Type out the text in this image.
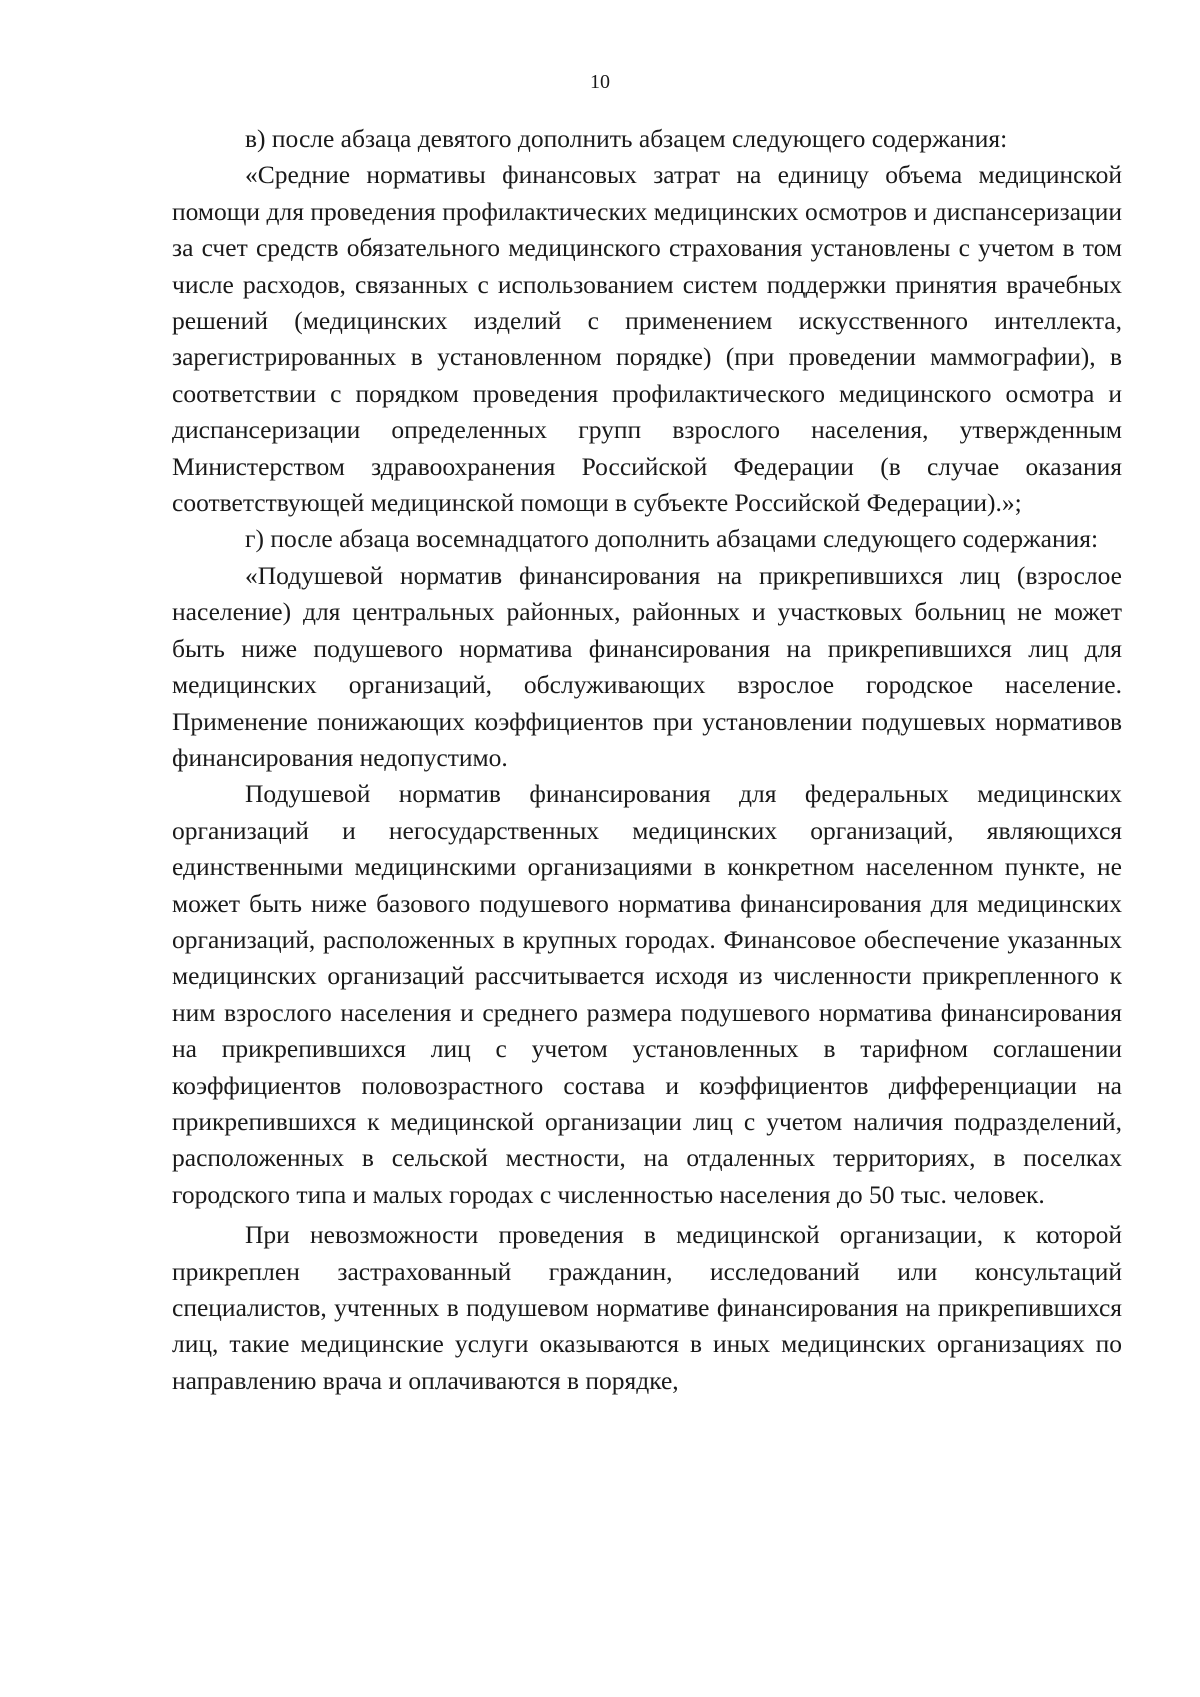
10

в) после абзаца девятого дополнить абзацем следующего содержания:

«Средние нормативы финансовых затрат на единицу объема медицинской помощи для проведения профилактических медицинских осмотров и диспансеризации за счет средств обязательного медицинского страхования установлены с учетом в том числе расходов, связанных с использованием систем поддержки принятия врачебных решений (медицинских изделий с применением искусственного интеллекта, зарегистрированных в установленном порядке) (при проведении маммографии), в соответствии с порядком проведения профилактического медицинского осмотра и диспансеризации определенных групп взрослого населения, утвержденным Министерством здравоохранения Российской Федерации (в случае оказания соответствующей медицинской помощи в субъекте Российской Федерации).»;

г) после абзаца восемнадцатого дополнить абзацами следующего содержания:

«Подушевой норматив финансирования на прикрепившихся лиц (взрослое население) для центральных районных, районных и участковых больниц не может быть ниже подушевого норматива финансирования на прикрепившихся лиц для медицинских организаций, обслуживающих взрослое городское население. Применение понижающих коэффициентов при установлении подушевых нормативов финансирования недопустимо.

Подушевой норматив финансирования для федеральных медицинских организаций и негосударственных медицинских организаций, являющихся единственными медицинскими организациями в конкретном населенном пункте, не может быть ниже базового подушевого норматива финансирования для медицинских организаций, расположенных в крупных городах. Финансовое обеспечение указанных медицинских организаций рассчитывается исходя из численности прикрепленного к ним взрослого населения и среднего размера подушевого норматива финансирования на прикрепившихся лиц с учетом установленных в тарифном соглашении коэффициентов половозрастного состава и коэффициентов дифференциации на прикрепившихся к медицинской организации лиц с учетом наличия подразделений, расположенных в сельской местности, на отдаленных территориях, в поселках городского типа и малых городах с численностью населения до 50 тыс. человек.

При невозможности проведения в медицинской организации, к которой прикреплен застрахованный гражданин, исследований или консультаций специалистов, учтенных в подушевом нормативе финансирования на прикрепившихся лиц, такие медицинские услуги оказываются в иных медицинских организациях по направлению врача и оплачиваются в порядке,
